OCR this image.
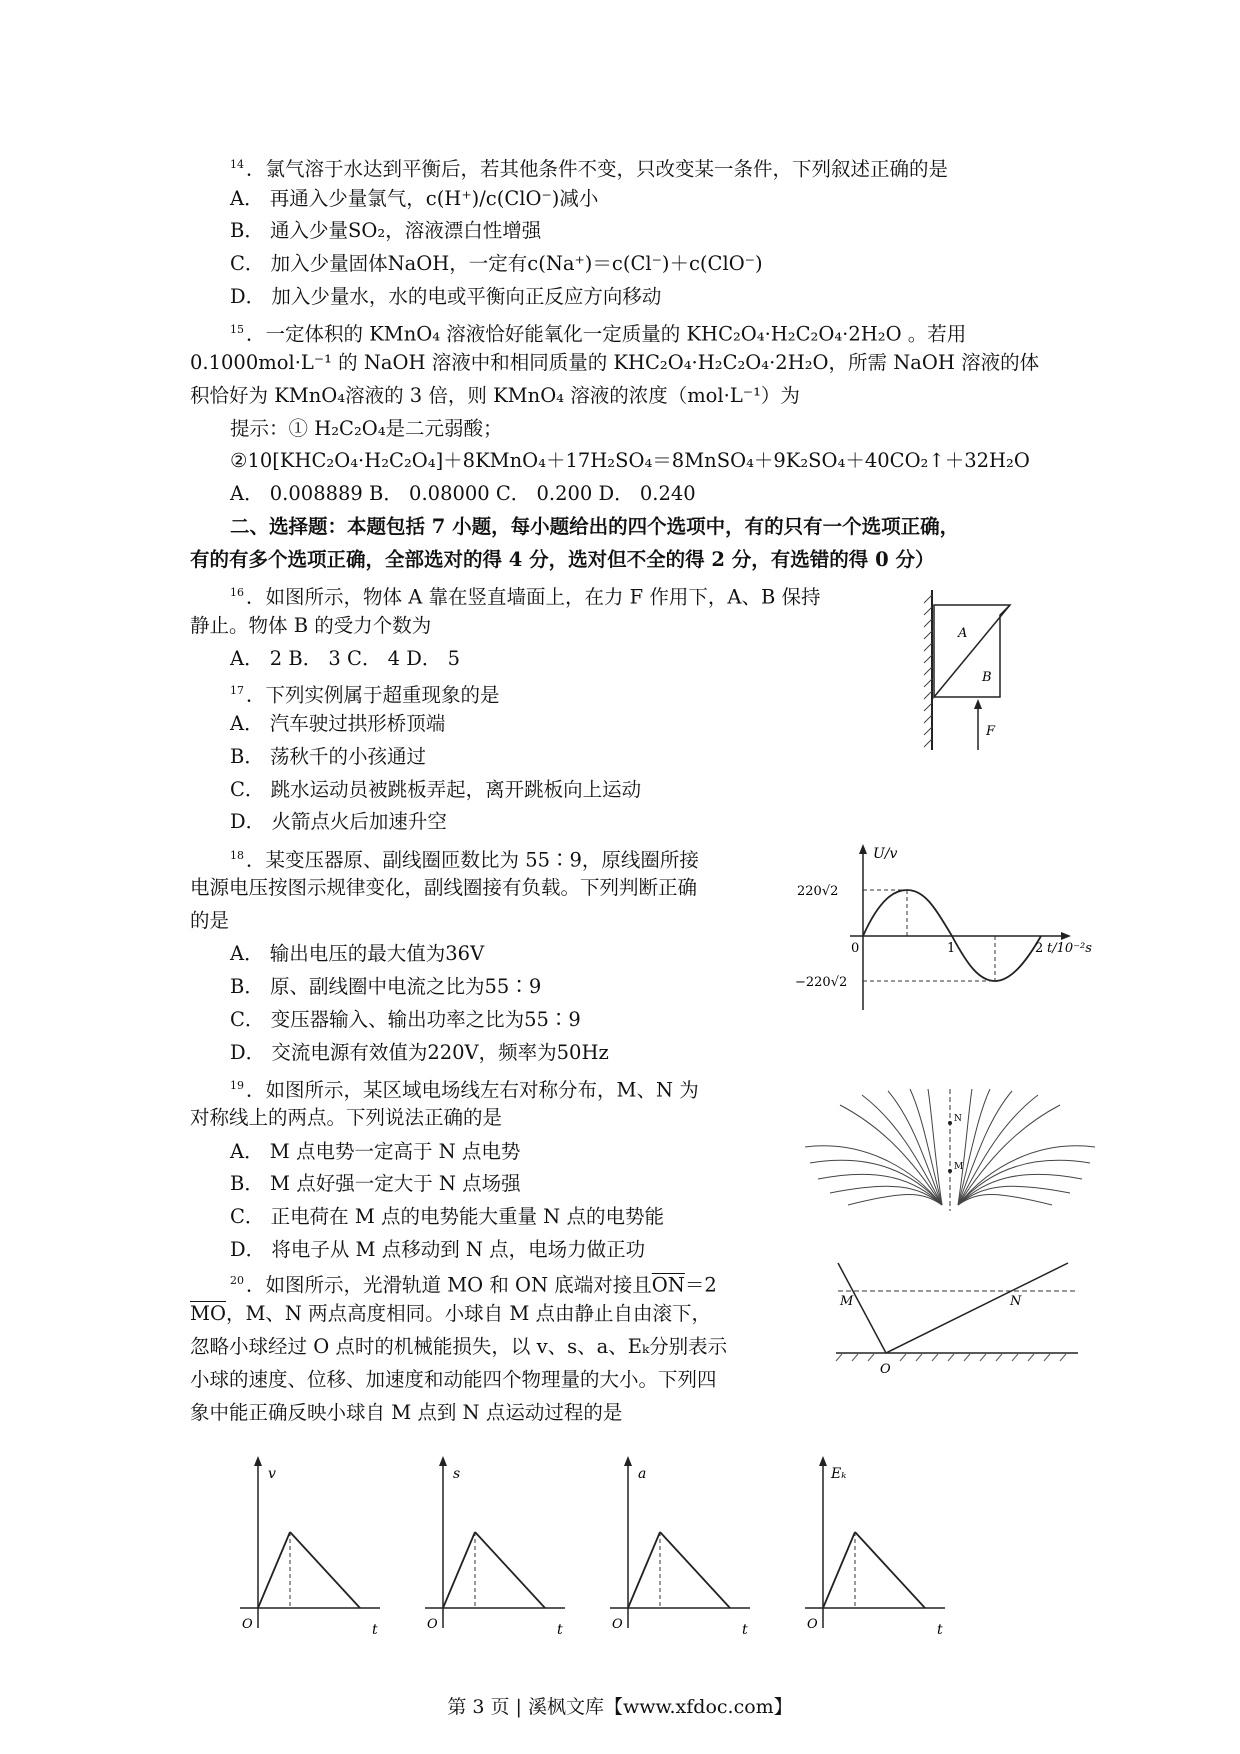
$^{14}$ ．氯气溶于水达到平衡后，若其他条件不变，只改变某一条件，下列叙述正确的是
A． 再通入少量氯气，c(H⁺)/c(ClO⁻)减小
B． 通入少量SO₂，溶液漂白性增强
C． 加入少量固体NaOH，一定有c(Na⁺)＝c(Cl⁻)＋c(ClO⁻)
D． 加入少量水，水的电或平衡向正反应方向移动
$^{15}$ ．一定体积的 KMnO₄ 溶液恰好能氧化一定质量的 KHC₂O₄·H₂C₂O₄·2H₂O 。若用
0.1000mol·L⁻¹ 的 NaOH 溶液中和相同质量的 KHC₂O₄·H₂C₂O₄·2H₂O，所需 NaOH 溶液的体
积恰好为 KMnO₄溶液的 3 倍，则 KMnO₄ 溶液的浓度（mol·L⁻¹）为
提示：① H₂C₂O₄是二元弱酸；
②10[KHC₂O₄·H₂C₂O₄]＋8KMnO₄＋17H₂SO₄＝8MnSO₄＋9K₂SO₄＋40CO₂↑＋32H₂O
A． 0.008889 B． 0.08000 C． 0.200 D． 0.240
二、选择题：本题包括 7 小题，每小题给出的四个选项中，有的只有一个选项正确，
有的有多个选项正确，全部选对的得 4 分，选对但不全的得 2 分，有选错的得 0 分）
$^{16}$ ．如图所示，物体 A 靠在竖直墙面上，在力 F 作用下，A、B 保持
静止。物体 B 的受力个数为
A． 2 B． 3 C． 4 D． 5
A
B
F
$^{17}$ ．下列实例属于超重现象的是
A． 汽车驶过拱形桥顶端
B． 荡秋千的小孩通过
C． 跳水运动员被跳板弄起，离开跳板向上运动
D． 火箭点火后加速升空
$^{18}$ ．某变压器原、副线圈匝数比为 55∶9，原线圈所接
电源电压按图示规律变化，副线圈接有负载。下列判断正确
的是
A． 输出电压的最大值为36V
B． 原、副线圈中电流之比为55∶9
C． 变压器输入、输出功率之比为55∶9
D． 交流电源有效值为220V，频率为50Hz
U/v
220√2
−220√2
0	1	2 t/10⁻²s
$^{19}$ ．如图所示，某区域电场线左右对称分布，M、N 为
对称线上的两点。下列说法正确的是
A． M 点电势一定高于 N 点电势
B． M 点好强一定大于 N 点场强
C． 正电荷在 M 点的电势能大重量 N 点的电势能
D． 将电子从 M 点移动到 N 点，电场力做正功
N
M
$^{20}$ ．如图所示，光滑轨道 MO 和 ON 底端对接且$\overline{ON}=2$
$\overline{MO}$，M、N 两点高度相同。小球自 M 点由静止自由滚下，
忽略小球经过 O 点时的机械能损失，以 v、s、a、Eₖ分别表示
小球的速度、位移、加速度和动能四个物理量的大小。下列四
象中能正确反映小球自 M 点到 N 点运动过程的是
M	N
O
v
O	t
s
O	t
a
O	t
Eₖ
O	t
第 3 页 | 溪枫文库【www.xfdoc.com】
